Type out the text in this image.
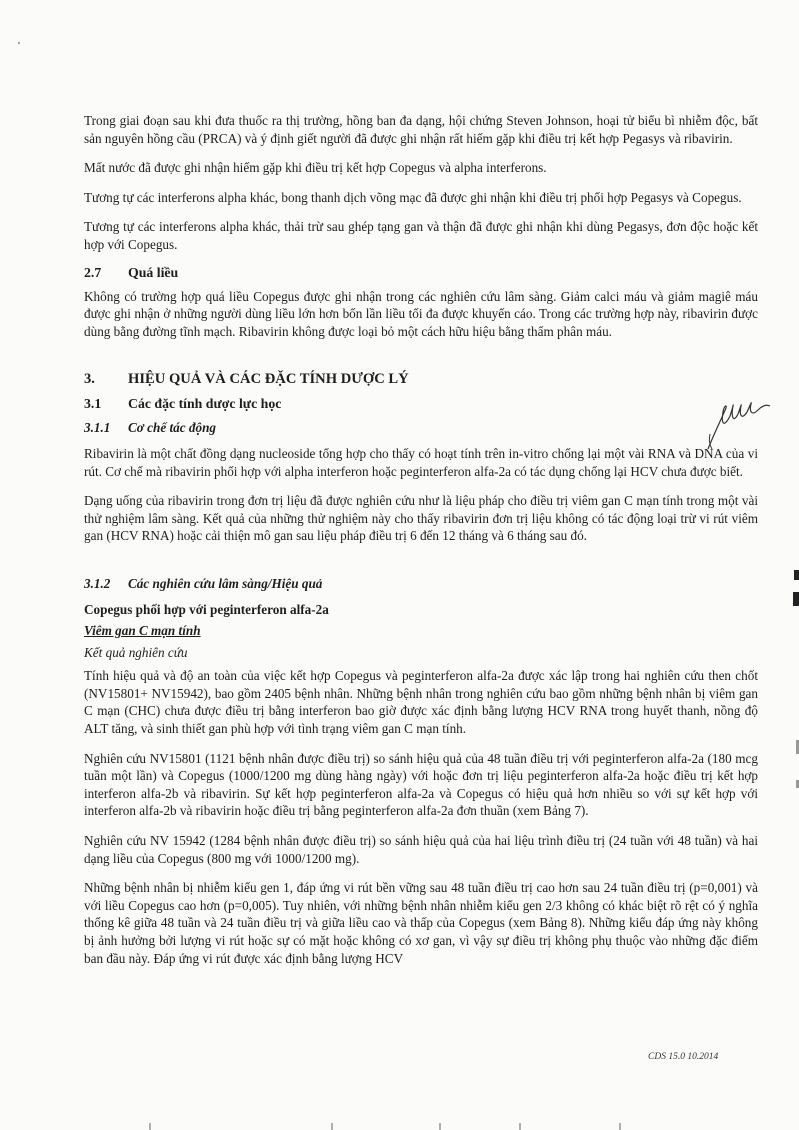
Trong giai đoạn sau khi đưa thuốc ra thị trường, hồng ban đa dạng, hội chứng Steven Johnson, hoại tử biểu bì nhiễm độc, bất sản nguyên hồng cầu (PRCA) và ý định giết người đã được ghi nhận rất hiếm gặp khi điều trị kết hợp Pegasys và ribavirin.

Mất nước đã được ghi nhận hiếm gặp khi điều trị kết hợp Copegus và alpha interferons.

Tương tự các interferons alpha khác, bong thanh dịch võng mạc đã được ghi nhận khi điều trị phối hợp Pegasys và Copegus.

Tương tự các interferons alpha khác, thải trừ sau ghép tạng gan và thận đã được ghi nhận khi dùng Pegasys, đơn độc hoặc kết hợp với Copegus.

2.7	Quá liều

Không có trường hợp quá liều Copegus được ghi nhận trong các nghiên cứu lâm sàng. Giảm calci máu và giảm magiê máu được ghi nhận ở những người dùng liều lớn hơn bốn lần liều tối đa được khuyến cáo. Trong các trường hợp này, ribavirin được dùng bằng đường tĩnh mạch. Ribavirin không được loại bỏ một cách hữu hiệu bằng thẩm phân máu.

3.	HIỆU QUẢ VÀ CÁC ĐẶC TÍNH DƯỢC LÝ
3.1	Các đặc tính dược lực học
3.1.1	Cơ chế tác động

Ribavirin là một chất đồng dạng nucleoside tổng hợp cho thấy có hoạt tính trên in-vitro chống lại một vài RNA và DNA của vi rút. Cơ chế mà ribavirin phối hợp với alpha interferon hoặc peginterferon alfa-2a có tác dụng chống lại HCV chưa được biết.

Dạng uống của ribavirin trong đơn trị liệu đã được nghiên cứu như là liệu pháp cho điều trị viêm gan C mạn tính trong một vài thử nghiệm lâm sàng. Kết quả của những thử nghiệm này cho thấy ribavirin đơn trị liệu không có tác động loại trừ vi rút viêm gan (HCV RNA) hoặc cải thiện mô gan sau liệu pháp điều trị 6 đến 12 tháng và 6 tháng sau đó.

3.1.2	Các nghiên cứu lâm sàng/Hiệu quả

Copegus phối hợp với peginterferon alfa-2a

Viêm gan C mạn tính

Kết quả nghiên cứu

Tính hiệu quả và độ an toàn của việc kết hợp Copegus và peginterferon alfa-2a được xác lập trong hai nghiên cứu then chốt (NV15801+ NV15942), bao gồm 2405 bệnh nhân. Những bệnh nhân trong nghiên cứu bao gồm những bệnh nhân bị viêm gan C mạn (CHC) chưa được điều trị bằng interferon bao giờ được xác định bằng lượng HCV RNA trong huyết thanh, nồng độ ALT tăng, và sinh thiết gan phù hợp với tình trạng viêm gan C mạn tính.

Nghiên cứu NV15801 (1121 bệnh nhân được điều trị) so sánh hiệu quả của 48 tuần điều trị với peginterferon alfa-2a (180 mcg tuần một lần) và Copegus (1000/1200 mg dùng hàng ngày) với hoặc đơn trị liệu peginterferon alfa-2a hoặc điều trị kết hợp interferon alfa-2b và ribavirin. Sự kết hợp peginterferon alfa-2a và Copegus có hiệu quả hơn nhiều so với sự kết hợp với interferon alfa-2b và ribavirin hoặc điều trị bằng peginterferon alfa-2a đơn thuần (xem Bảng 7).

Nghiên cứu NV 15942 (1284 bệnh nhân được điều trị) so sánh hiệu quả của hai liệu trình điều trị (24 tuần với 48 tuần) và hai dạng liều của Copegus (800 mg với 1000/1200 mg).

Những bệnh nhân bị nhiễm kiểu gen 1, đáp ứng vi rút bền vững sau 48 tuần điều trị cao hơn sau 24 tuần điều trị (p=0,001) và với liều Copegus cao hơn (p=0,005). Tuy nhiên, với những bệnh nhân nhiễm kiểu gen 2/3 không có khác biệt rõ rệt có ý nghĩa thống kê giữa 48 tuần và 24 tuần điều trị và giữa liều cao và thấp của Copegus (xem Bảng 8). Những kiểu đáp ứng này không bị ảnh hưởng bởi lượng vi rút hoặc sự có mặt hoặc không có xơ gan, vì vậy sự điều trị không phụ thuộc vào những đặc điểm ban đầu này. Đáp ứng vi rút được xác định bằng lượng HCV

CDS 15.0 10.2014
